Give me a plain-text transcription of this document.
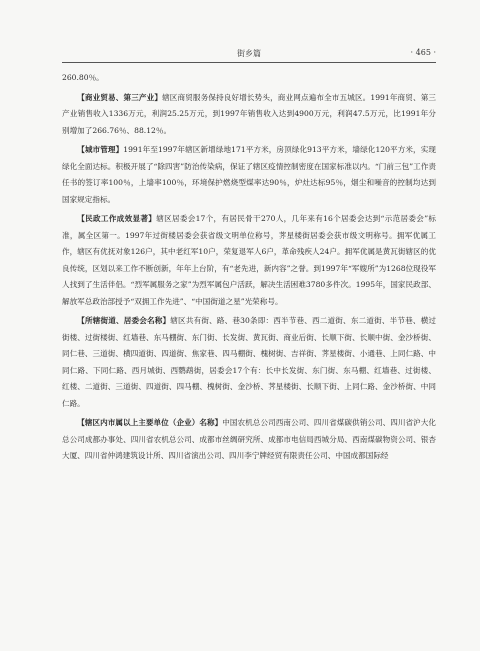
街乡篇	· 465 ·

260.80％。

【商业贸易、第三产业】辖区商贸服务保持良好增长势头，商业网点遍布全市五城区。1991年商贸、第三产业销售收入1336万元，利润25.25万元，到1997年销售收入达到4900万元，利润47.5万元，比1991年分别增加了266.76％、88.12％。

【城市管理】1991年至1997年辖区新增绿地171平方米，房顶绿化913平方米，墙绿化120平方米，实现绿化全面达标。积极开展了“除四害”防治传染病，保证了辖区疫情控制密度在国家标准以内。“门前三包”工作责任书的签订率100％，上墙率100％，环境保护燃烧型煤率达90％，炉灶达标95％，烟尘和噪音的控制均达到国家规定指标。

【民政工作成效显著】辖区居委会17个，有居民骨干270人，几年来有16个居委会达到“示范居委会”标准，属全区第一。1997年过街楼居委会获省级文明单位称号，荠星楼街居委会获市级文明称号。拥军优属工作，辖区有优抚对象126户，其中老红军10户，荣复退军人6户，革命残疾人24户。拥军优属是黄瓦街辖区的优良传统，区划以来工作不断创新，年年上台阶，有“老先进，新内容”之誉。到1997年“军嫂所”为1268位现役军人找到了生活伴侣。“烈军属服务之家”为烈军属包户活跃，解决生活困难3780多件次。1995年，国家民政部、解放军总政治部授予“双拥工作先进”、“中国街道之星”光荣称号。

【所辖街道、居委会名称】辖区共有街、路、巷30条即：西半节巷、西二道街、东二道街、半节巷、横过街楼、过街楼街、红墙巷、东马棚街、东门街、长发街、黄瓦街、商业后街、长顺下街、长顺中街、金沙桥街、同仁巷、三道街、横四道街、四道街、焦家巷、四马棚街、槐树街、吉祥街、荠星楼街、小通巷、上同仁路、中同仁路、下同仁路、西月城街、西鹦鹉街，居委会17个有：长中长发街、东门街、东马棚、红墙巷、过街楼、红楼、二道街、三道街、四道街、四马棚、槐树街、金沙桥、荠星楼街、长顺下街、上同仁路、金沙桥街、中同仁路。

【辖区内市属以上主要单位（企业）名称】中国农机总公司西南公司、四川省煤碳供销公司、四川省沪大化总公司成都办事处、四川省农机总公司、成都市丝绸研究所、成都市电信局西城分局、西南煤碳物资公司、银杏大厦、四川省仲鸿建筑设计所、四川省演出公司、四川李宁牌经贸有限责任公司、中国成都国际经
